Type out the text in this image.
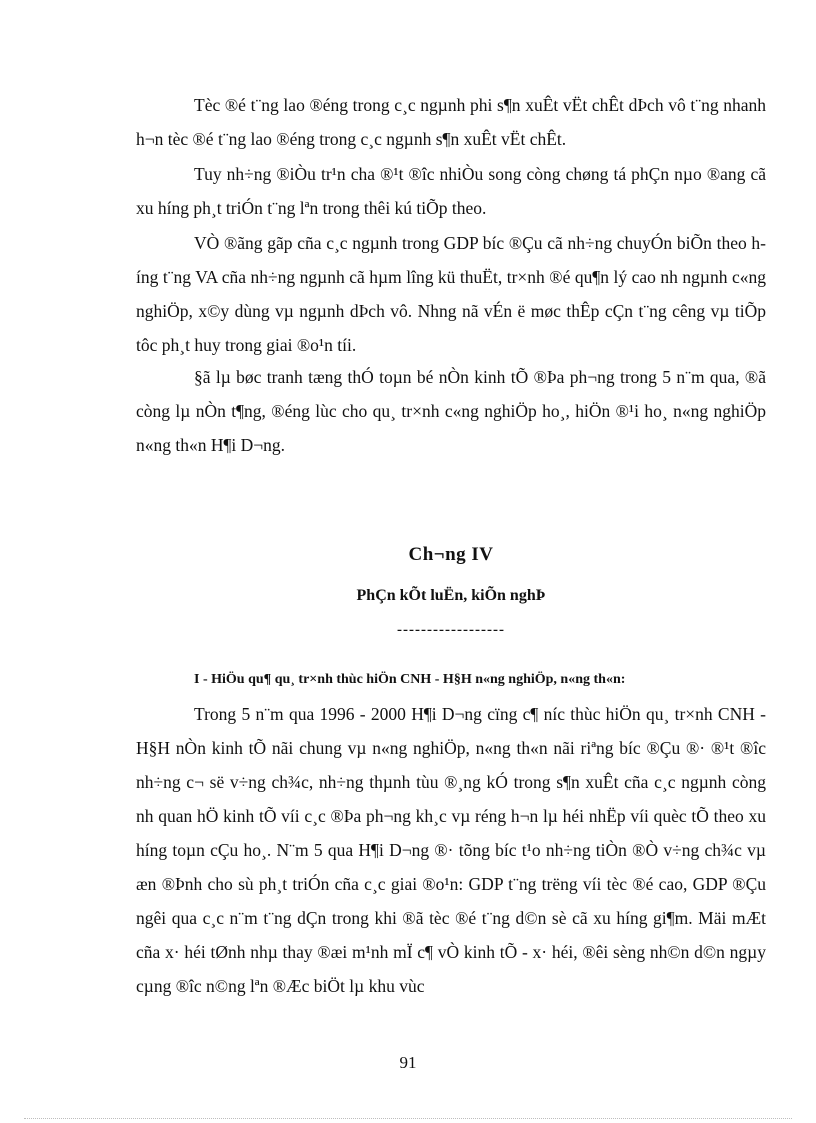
Tèc ®é t¨ng lao ®éng trong c¸c ngµnh phi s¶n xuÊt vËt chÊt dÞch vô t¨ng nhanh h¬n tèc ®é t¨ng lao ®éng trong c¸c ngµnh s¶n xuÊt vËt chÊt.

Tuy nh÷ng ®iÒu tr¹n cha ®¹t ®îc nhiÒu song còng chøng tá phÇn nµo ®ang cã xu híng ph¸t triÓn t¨ng lªn trong thêi kú tiÕp theo.

VÒ ®ãng gãp cña c¸c ngµnh trong GDP bíc ®Çu cã nh÷ng chuyÓn biÕn theo híng t¨ng VA cña nh÷ng ngµnh cã hµm lîng kü thuËt, tr×nh ®é qu¶n lý cao nh ngµnh c«ng nghiÖp, x©y dùng vµ ngµnh dÞch vô. Nhng nã vÉn ë møc thÊp cÇn t¨ng cêng vµ tiÕp tôc ph¸t huy trong giai ®o¹n tíi.

§ã lµ bøc tranh tæng thÓ toµn bé nÒn kinh tÕ ®Þa ph¬ng trong 5 n¨m qua, ®ã còng lµ nÒn t¶ng, ®éng lùc cho qu¸ tr×nh c«ng nghiÖp ho¸, hiÖn ®¹i ho¸ n«ng nghiÖp n«ng th«n H¶i D¬ng.

Ch¬ng IV
PhÇn kÕt luËn, kiÕn nghÞ
------------------
I - HiÖu qu¶ qu¸ tr×nh thùc hiÖn CNH - H§H n«ng nghiÖp, n«ng th«n:

Trong 5 n¨m qua 1996 - 2000 H¶i D¬ng cïng c¶ níc thùc hiÖn qu¸ tr×nh CNH - H§H nÒn kinh tÕ nãi chung vµ n«ng nghiÖp, n«ng th«n nãi riªng bíc ®Çu ®· ®¹t ®îc nh÷ng c¬ së v÷ng ch¾c, nh÷ng thµnh tùu ®¸ng kÓ trong s¶n xuÊt cña c¸c ngµnh còng nh quan hÖ kinh tÕ víi c¸c ®Þa ph¬ng kh¸c vµ réng h¬n lµ héi nhËp víi quèc tÕ theo xu híng toµn cÇu ho¸. N¨m 5 qua H¶i D¬ng ®· tõng bíc t¹o nh÷ng tiÒn ®Ò v÷ng ch¾c vµ æn ®Þnh cho sù ph¸t triÓn cña c¸c giai ®o¹n: GDP t¨ng trëng víi tèc ®é cao, GDP ®Çu ngêi qua c¸c n¨m t¨ng dÇn trong khi ®ã tèc ®é t¨ng d©n sè cã xu híng gi¶m. Mäi mÆt cña x· héi tØnh nhµ thay ®æi m¹nh mÏ c¶ vÒ kinh tÕ - x· héi, ®êi sèng nh©n d©n ngµy cµng ®îc n©ng lªn ®Æc biÖt lµ khu vùc

91
